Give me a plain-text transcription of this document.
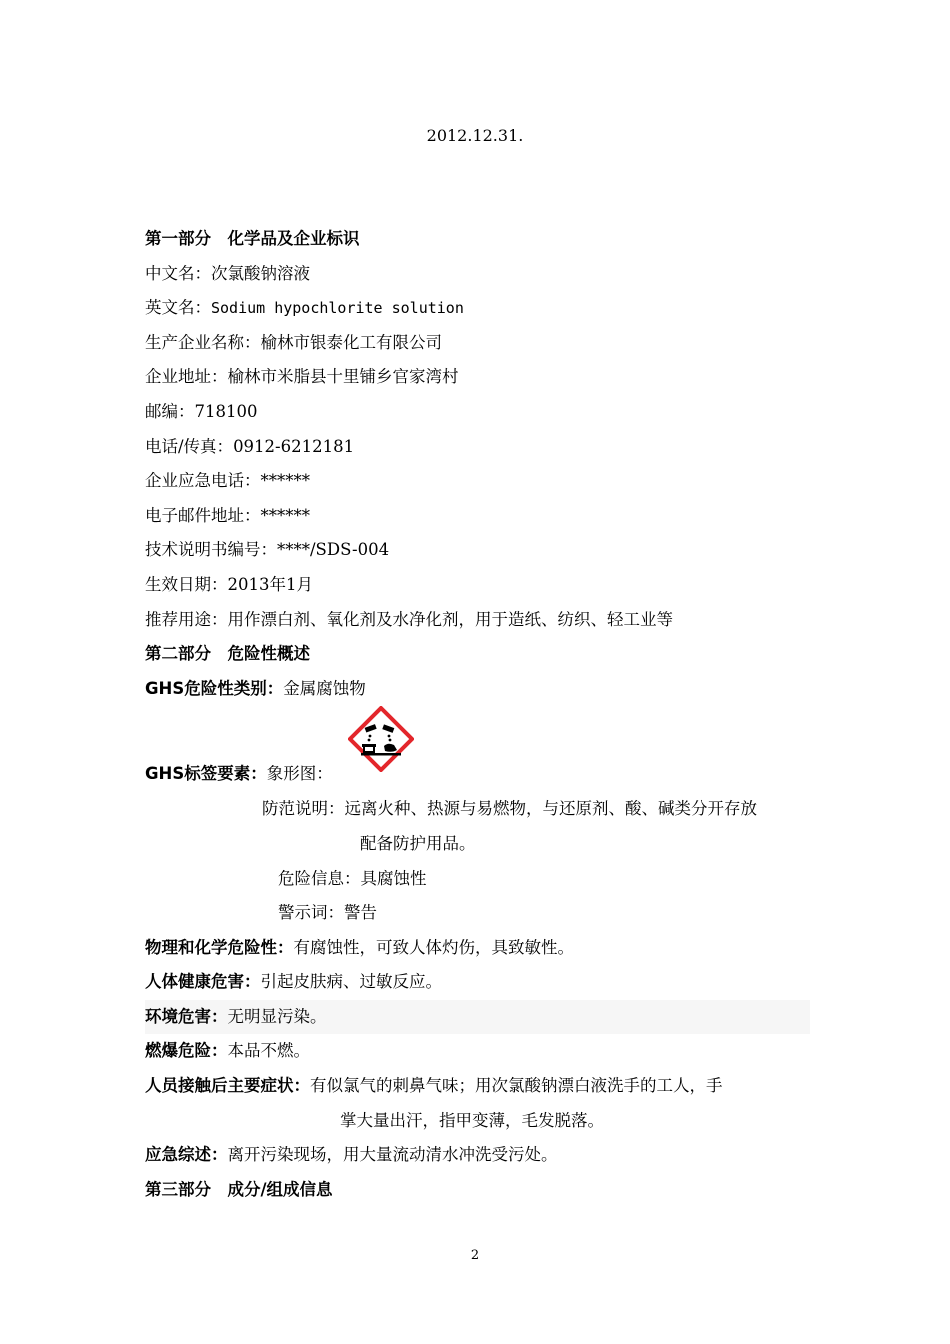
2012.12.31.
第一部分　化学品及企业标识
中文名：次氯酸钠溶液
英文名：Sodium hypochlorite solution
生产企业名称：榆林市银泰化工有限公司
企业地址：榆林市米脂县十里铺乡官家湾村
邮编：718100
电话/传真：0912-6212181
企业应急电话：******
电子邮件地址：******
技术说明书编号：****/SDS-004
生效日期：2013年1月
推荐用途：用作漂白剂、氧化剂及水净化剂，用于造纸、纺织、轻工业等
第二部分　危险性概述
GHS危险性类别：金属腐蚀物
GHS标签要素：象形图：
防范说明：远离火种、热源与易燃物，与还原剂、酸、碱类分开存放
配备防护用品。
危险信息：具腐蚀性
警示词：警告
物理和化学危险性：有腐蚀性，可致人体灼伤，具致敏性。
人体健康危害：引起皮肤病、过敏反应。
环境危害：无明显污染。
燃爆危险：本品不燃。
人员接触后主要症状：有似氯气的刺鼻气味；用次氯酸钠漂白液洗手的工人，手
掌大量出汗，指甲变薄，毛发脱落。
应急综述：离开污染现场，用大量流动清水冲洗受污处。
第三部分　成分/组成信息
2
